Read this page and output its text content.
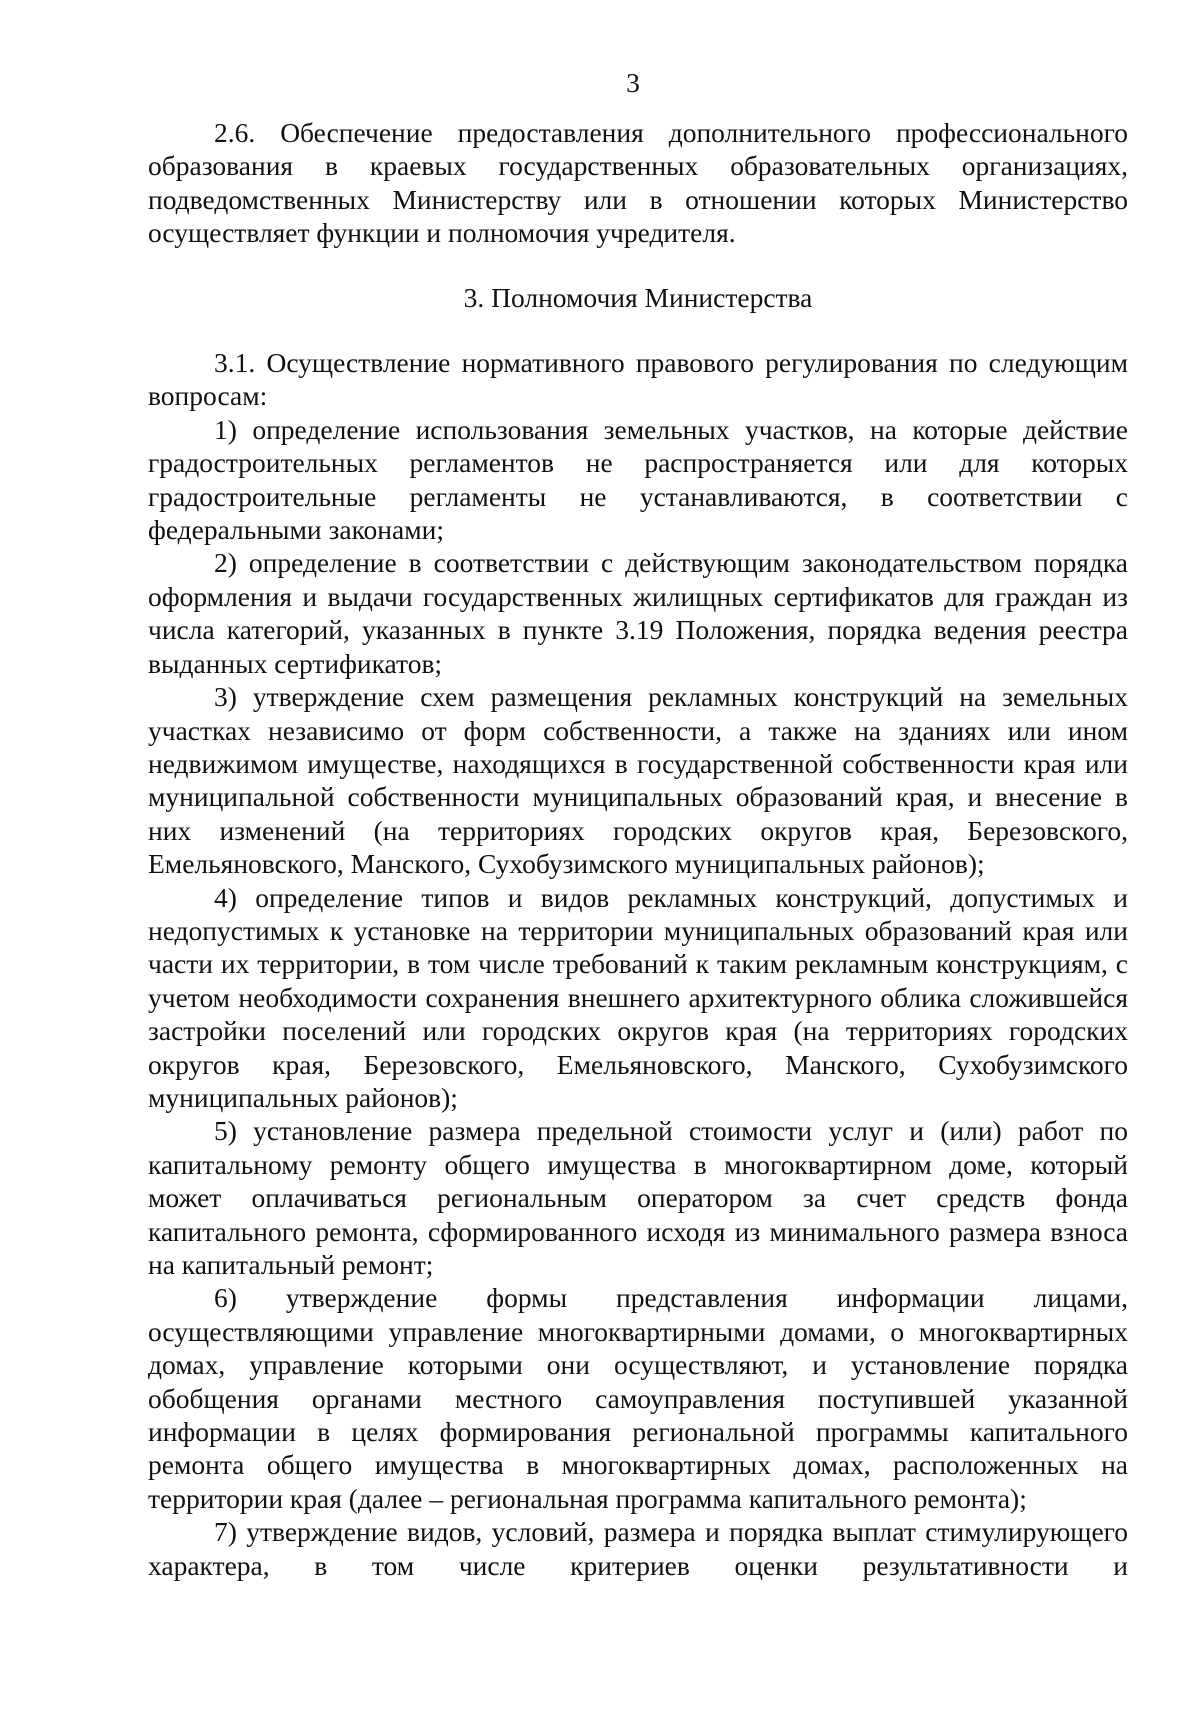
3

2.6. Обеспечение предоставления дополнительного профессионального образования в краевых государственных образовательных организациях, подведомственных Министерству или в отношении которых Министерство осуществляет функции и полномочия учредителя.

3. Полномочия Министерства

3.1. Осуществление нормативного правового регулирования по следующим вопросам:

1) определение использования земельных участков, на которые действие градостроительных регламентов не распространяется или для которых градостроительные регламенты не устанавливаются, в соответствии с федеральными законами;

2) определение в соответствии с действующим законодательством порядка оформления и выдачи государственных жилищных сертификатов для граждан из числа категорий, указанных в пункте 3.19 Положения, порядка ведения реестра выданных сертификатов;

3) утверждение схем размещения рекламных конструкций на земельных участках независимо от форм собственности, а также на зданиях или ином недвижимом имуществе, находящихся в государственной собственности края или муниципальной собственности муниципальных образований края, и внесение в них изменений (на территориях городских округов края, Березовского, Емельяновского, Манского, Сухобузимского муниципальных районов);

4) определение типов и видов рекламных конструкций, допустимых и недопустимых к установке на территории муниципальных образований края или части их территории, в том числе требований к таким рекламным конструкциям, с учетом необходимости сохранения внешнего архитектурного облика сложившейся застройки поселений или городских округов края (на территориях городских округов края, Березовского, Емельяновского, Манского, Сухобузимского муниципальных районов);

5) установление размера предельной стоимости услуг и (или) работ по капитальному ремонту общего имущества в многоквартирном доме, который может оплачиваться региональным оператором за счет средств фонда капитального ремонта, сформированного исходя из минимального размера взноса на капитальный ремонт;

6) утверждение формы представления информации лицами, осуществляющими управление многоквартирными домами, о многоквартирных домах, управление которыми они осуществляют, и установление порядка обобщения органами местного самоуправления поступившей указанной информации в целях формирования региональной программы капитального ремонта общего имущества в многоквартирных домах, расположенных на территории края (далее – региональная программа капитального ремонта);

7) утверждение видов, условий, размера и порядка выплат стимулирующего характера, в том числе критериев оценки результативности и
